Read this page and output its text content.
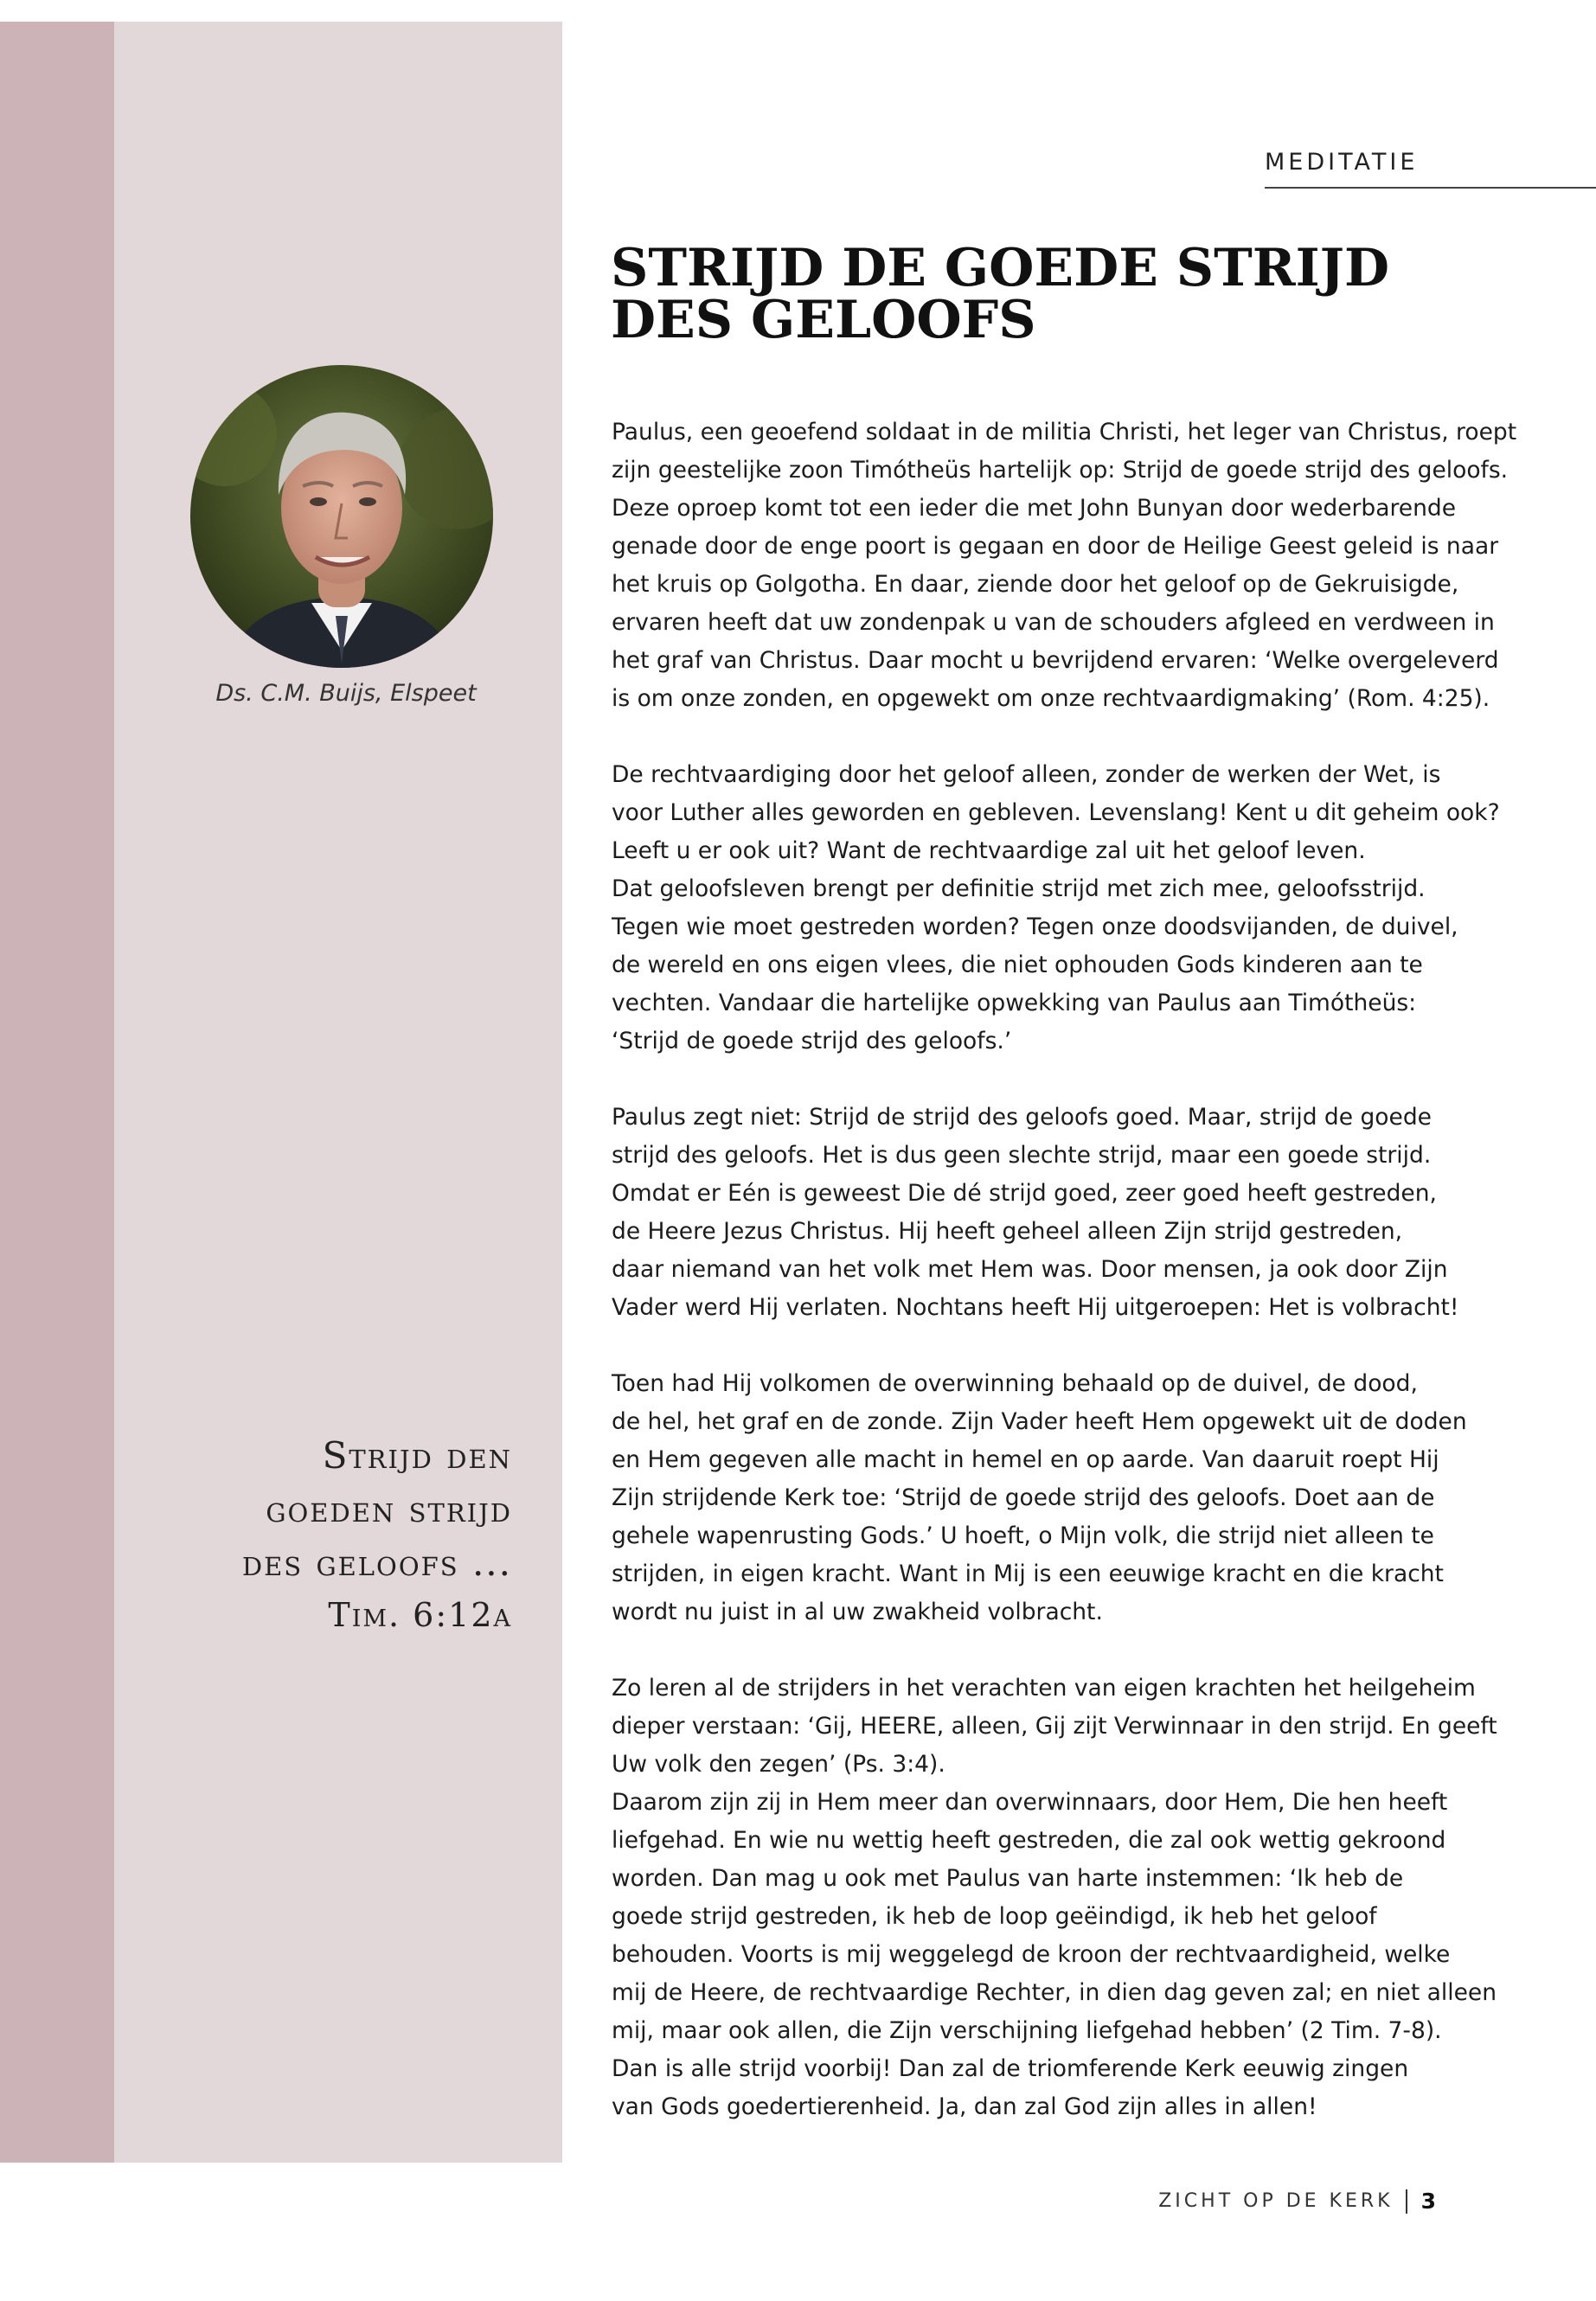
MEDITATIE
STRIJD DE GOEDE STRIJD
DES GELOOFS
Ds. C.M. Buijs, Elspeet
Strijd den
goeden strijd
des geloofs ...
Tim. 6:12a
Paulus, een geoefend soldaat in de militia Christi, het leger van Christus, roept
zijn geestelijke zoon Timótheüs hartelijk op: Strijd de goede strijd des geloofs.
Deze oproep komt tot een ieder die met John Bunyan door wederbarende
genade door de enge poort is gegaan en door de Heilige Geest geleid is naar
het kruis op Golgotha. En daar, ziende door het geloof op de Gekruisigde,
ervaren heeft dat uw zondenpak u van de schouders afgleed en verdween in
het graf van Christus. Daar mocht u bevrijdend ervaren: ‘Welke overgeleverd
is om onze zonden, en opgewekt om onze rechtvaardigmaking’ (Rom. 4:25).
De rechtvaardiging door het geloof alleen, zonder de werken der Wet, is
voor Luther alles geworden en gebleven. Levenslang! Kent u dit geheim ook?
Leeft u er ook uit? Want de rechtvaardige zal uit het geloof leven.
Dat geloofsleven brengt per definitie strijd met zich mee, geloofsstrijd.
Tegen wie moet gestreden worden? Tegen onze doodsvijanden, de duivel,
de wereld en ons eigen vlees, die niet ophouden Gods kinderen aan te
vechten. Vandaar die hartelijke opwekking van Paulus aan Timótheüs:
‘Strijd de goede strijd des geloofs.’
Paulus zegt niet: Strijd de strijd des geloofs goed. Maar, strijd de goede
strijd des geloofs. Het is dus geen slechte strijd, maar een goede strijd.
Omdat er Eén is geweest Die dé strijd goed, zeer goed heeft gestreden,
de Heere Jezus Christus. Hij heeft geheel alleen Zijn strijd gestreden,
daar niemand van het volk met Hem was. Door mensen, ja ook door Zijn
Vader werd Hij verlaten. Nochtans heeft Hij uitgeroepen: Het is volbracht!
Toen had Hij volkomen de overwinning behaald op de duivel, de dood,
de hel, het graf en de zonde. Zijn Vader heeft Hem opgewekt uit de doden
en Hem gegeven alle macht in hemel en op aarde. Van daaruit roept Hij
Zijn strijdende Kerk toe: ‘Strijd de goede strijd des geloofs. Doet aan de
gehele wapenrusting Gods.’ U hoeft, o Mijn volk, die strijd niet alleen te
strijden, in eigen kracht. Want in Mij is een eeuwige kracht en die kracht
wordt nu juist in al uw zwakheid volbracht.
Zo leren al de strijders in het verachten van eigen krachten het heilgeheim
dieper verstaan: ‘Gij, HEERE, alleen, Gij zijt Verwinnaar in den strijd. En geeft
Uw volk den zegen’ (Ps. 3:4).
Daarom zijn zij in Hem meer dan overwinnaars, door Hem, Die hen heeft
liefgehad. En wie nu wettig heeft gestreden, die zal ook wettig gekroond
worden. Dan mag u ook met Paulus van harte instemmen: ‘Ik heb de
goede strijd gestreden, ik heb de loop geëindigd, ik heb het geloof
behouden. Voorts is mij weggelegd de kroon der rechtvaardigheid, welke
mij de Heere, de rechtvaardige Rechter, in dien dag geven zal; en niet alleen
mij, maar ook allen, die Zijn verschijning liefgehad hebben’ (2 Tim. 7-8).
Dan is alle strijd voorbij! Dan zal de triomferende Kerk eeuwig zingen
van Gods goedertierenheid. Ja, dan zal God zijn alles in allen!
ZICHT OP DE KERK 3
